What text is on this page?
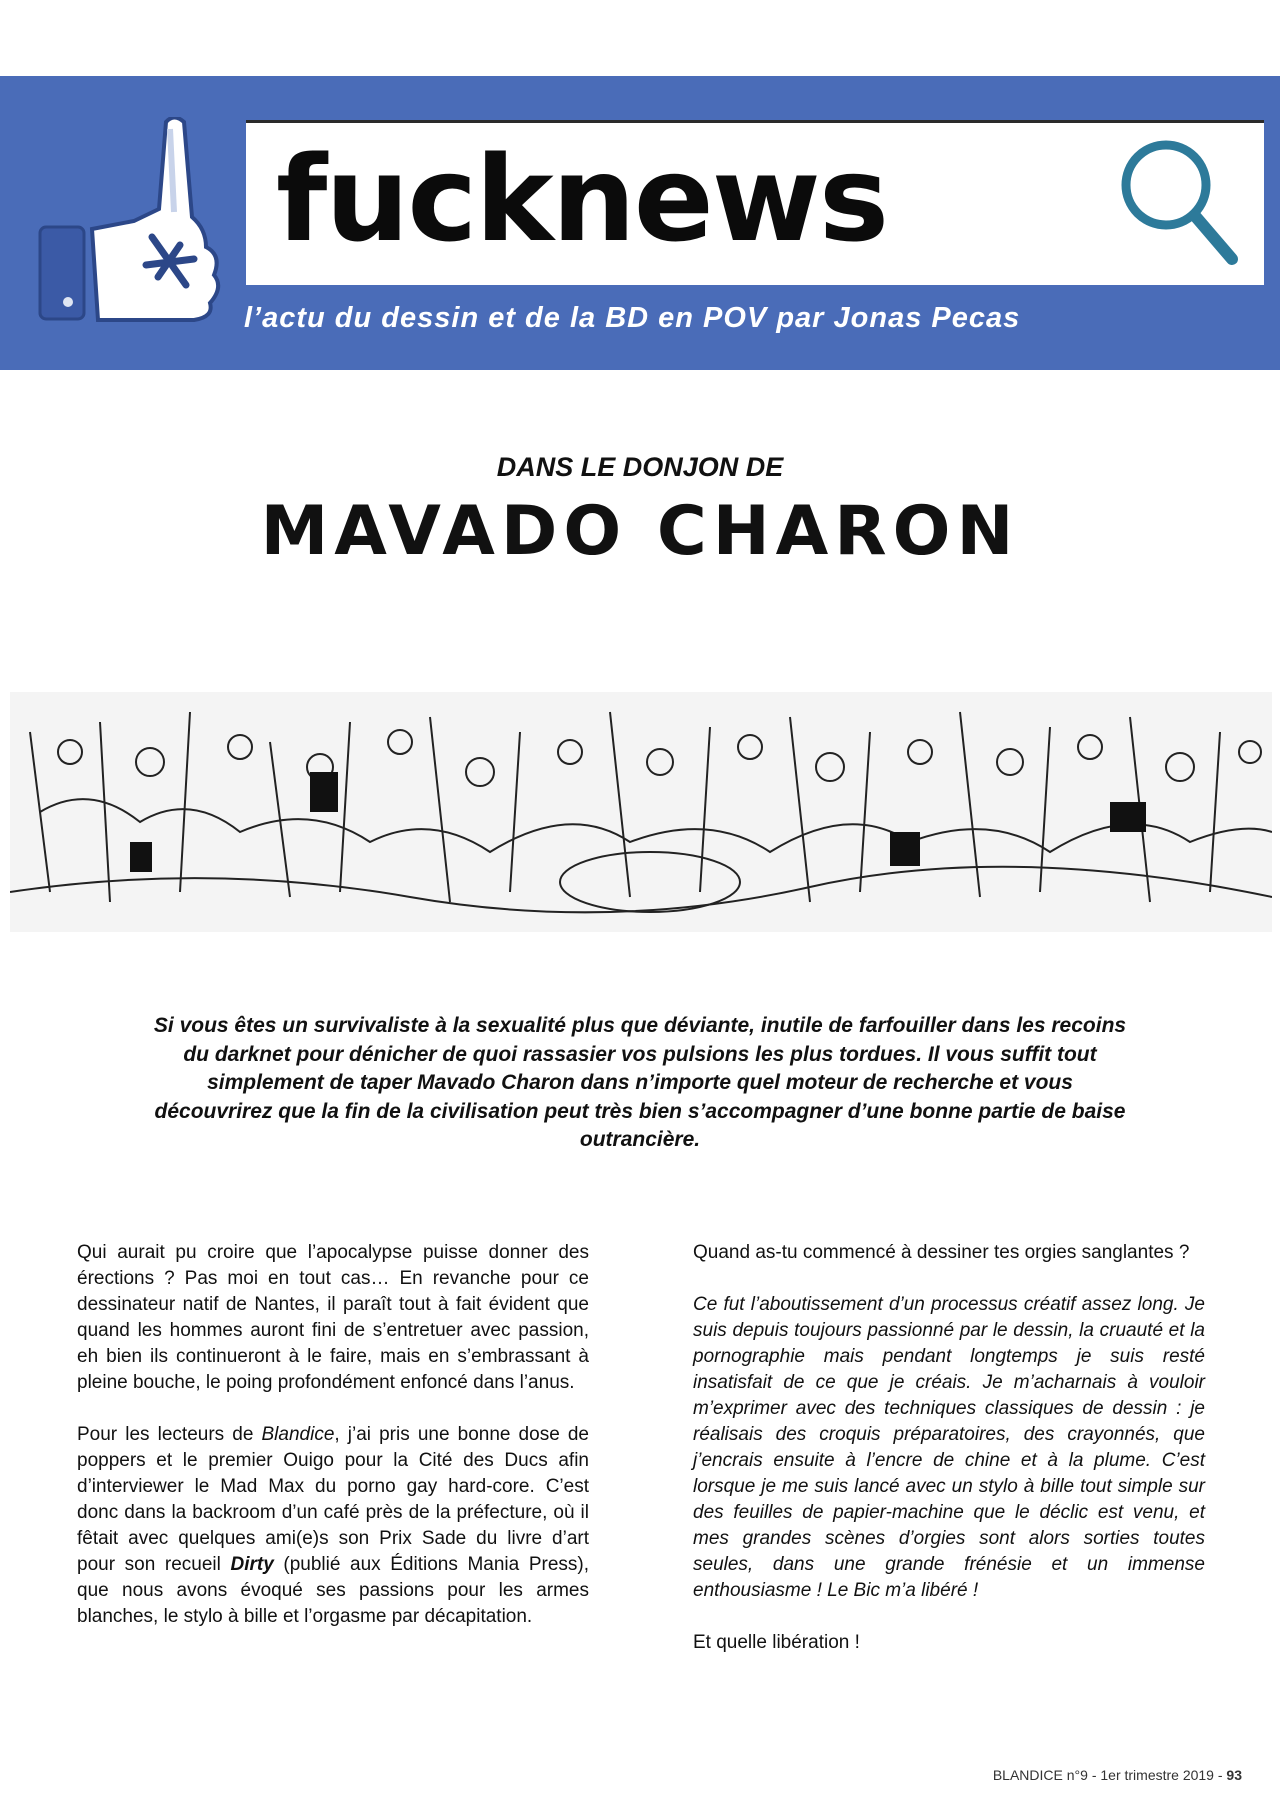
fucknews
l’actu du dessin et de la BD en POV par Jonas Pecas
DANS LE DONJON DE
MAVADO CHARON
Si vous êtes un survivaliste à la sexualité plus que déviante, inutile de farfouiller dans les recoins du darknet pour dénicher de quoi rassasier vos pulsions les plus tordues. Il vous suffit tout simplement de taper Mavado Charon dans n’importe quel moteur de recherche et vous découvrirez que la fin de la civilisation peut très bien s’accompagner d’une bonne partie de baise outrancière.

Qui aurait pu croire que l’apocalypse puisse donner des érections ? Pas moi en tout cas… En revanche pour ce dessinateur natif de Nantes, il paraît tout à fait évident que quand les hommes auront fini de s’entretuer avec passion, eh bien ils continueront à le faire, mais en s’embrassant à pleine bouche, le poing profondément enfoncé dans l’anus.

Pour les lecteurs de Blandice, j’ai pris une bonne dose de poppers et le premier Ouigo pour la Cité des Ducs afin d’interviewer le Mad Max du porno gay hard-core. C’est donc dans la backroom d’un café près de la préfecture, où il fêtait avec quelques ami(e)s son Prix Sade du livre d’art pour son recueil Dirty (publié aux Éditions Mania Press), que nous avons évoqué ses passions pour les armes blanches, le stylo à bille et l’orgasme par décapitation.

Quand as-tu commencé à dessiner tes orgies sanglantes ?

Ce fut l’aboutissement d’un processus créatif assez long. Je suis depuis toujours passionné par le dessin, la cruauté et la pornographie mais pendant longtemps je suis resté insatisfait de ce que je créais. Je m’acharnais à vouloir m’exprimer avec des techniques classiques de dessin : je réalisais des croquis préparatoires, des crayonnés, que j’encrais ensuite à l’encre de chine et à la plume. C’est lorsque je me suis lancé avec un stylo à bille tout simple sur des feuilles de papier-machine que le déclic est venu, et mes grandes scènes d’orgies sont alors sorties toutes seules, dans une grande frénésie et un immense enthousiasme ! Le Bic m’a libéré !

Et quelle libération !

BLANDICE n°9 - 1er trimestre 2019 - 93
